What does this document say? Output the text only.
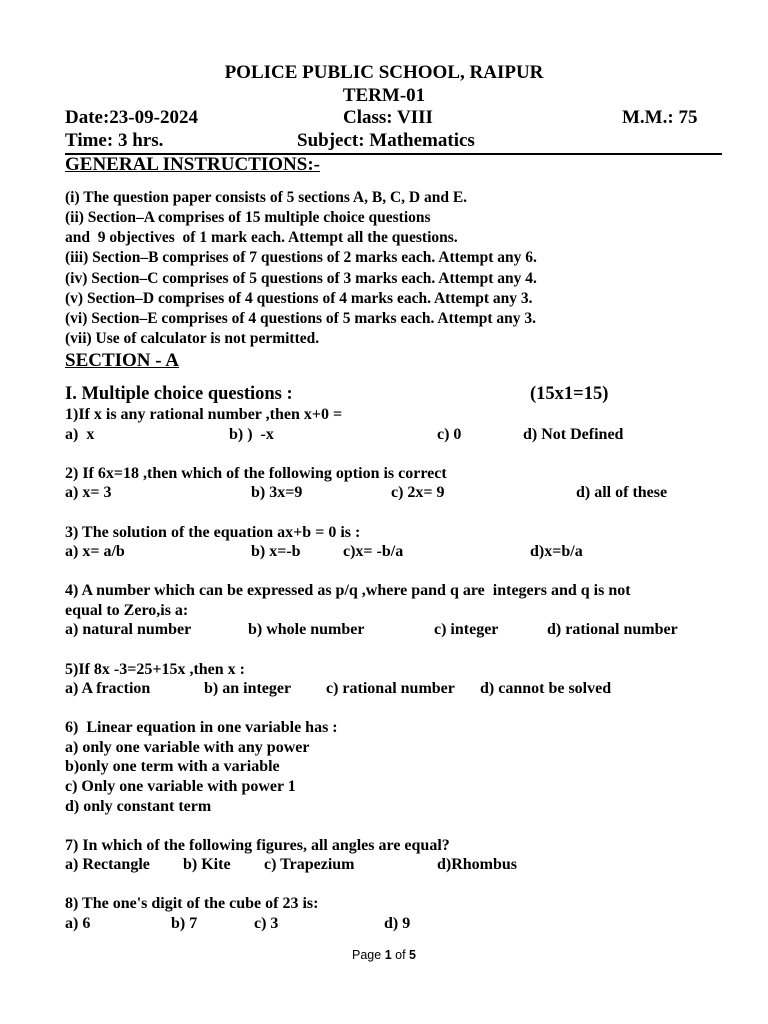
POLICE PUBLIC SCHOOL, RAIPUR
TERM-01
Date:23-09-2024	Class: VIII	M.M.: 75
Time: 3 hrs.	Subject: Mathematics
GENERAL INSTRUCTIONS:-
(i) The question paper consists of 5 sections A, B, C, D and E.
(ii) Section–A comprises of 15 multiple choice questions
and  9 objectives  of 1 mark each. Attempt all the questions.
(iii) Section–B comprises of 7 questions of 2 marks each. Attempt any 6.
(iv) Section–C comprises of 5 questions of 3 marks each. Attempt any 4.
(v) Section–D comprises of 4 questions of 4 marks each. Attempt any 3.
(vi) Section–E comprises of 4 questions of 5 marks each. Attempt any 3.
(vii) Use of calculator is not permitted.
SECTION - A
I. Multiple choice questions :	(15x1=15)
1)If x is any rational number ,then x+0 =
a)  x	b) )  -x	c) 0	d) Not Defined
2) If 6x=18 ,then which of the following option is correct
a) x= 3	b) 3x=9	c) 2x= 9	d) all of these
3) The solution of the equation ax+b = 0 is :
a) x= a/b	b) x=-b	c)x= -b/a	d)x=b/a
4) A number which can be expressed as p/q ,where pand q are  integers and q is not
equal to Zero,is a:
a) natural number	b) whole number	c) integer	d) rational number
5)If 8x -3=25+15x ,then x :
a) A fraction	b) an integer c) rational number d) cannot be solved
6)  Linear equation in one variable has :
a) only one variable with any power
b)only one term with a variable
c) Only one variable with power 1
d) only constant term
7) In which of the following figures, all angles are equal?
a) Rectangle b) Kite c) Trapezium	d)Rhombus
8) The one's digit of the cube of 23 is:
a) 6	b) 7	c) 3	d) 9
Page 1 of 5
